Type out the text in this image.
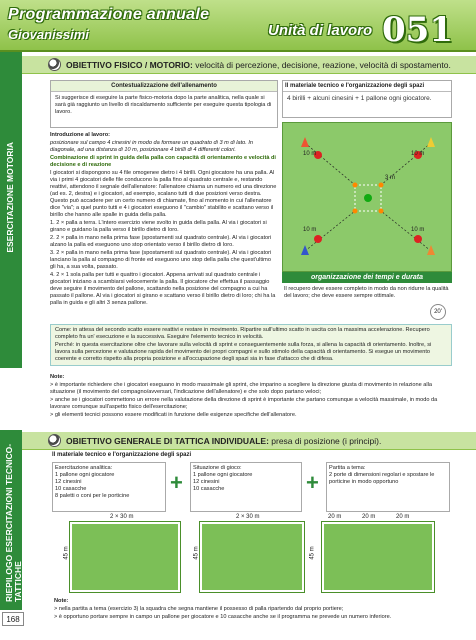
Programmazione annuale
Giovanissimi	Unità di lavoro 051
ESERCITAZIONE MOTORIA
OBIETTIVO FISICO / MOTORIO: velocità di percezione, decisione, reazione, velocità di spostamento.
Contestualizzazione dell'allenamento
Si suggerisce di eseguire la parte fisico-motoria dopo la parte analitica, nella quale si sarà già raggiunto un livello di riscaldamento sufficiente per eseguire questa tipologia di lavoro.
Il materiale tecnico e l'organizzazione degli spazi
4 birilli + alcuni cinesini + 1 pallone ogni giocatore.

Introduzione al lavoro:

posizionare sul campo 4 cinesini in modo da formare un quadrato di 3 m di lato. In diagonale, ad una distanza di 10 m, posizionare 4 birilli di 4 differenti colori.

Combinazione di sprint in guida della palla con capacità di orientamento e velocità di decisione e di reazione

I giocatori si dispongono su 4 file omogenee dietro i 4 birilli. Ogni giocatore ha una palla. Al via i primi 4 giocatori delle file conducono la palla fino al quadrato centrale e, restando reattivi, attendono il segnale dell'allenatore: l'allenatore chiama un numero ed una direzione (ad es. 2, destra) e i giocatori, ad esempio, scalano tutti di due posizioni verso destra. Questo può accadere per un certo numero di chiamate, fino al momento in cui l'allenatore dice "via"; a quel punto tutti e 4 i giocatori eseguono il "cambio" stabilito e scattano verso il birillo che hanno alle spalle in guida della palla.

1. 2 × palla a terra. L'intero esercizio viene svolto in guida della palla. Al via i giocatori si girano e guidano la palla verso il birillo dietro di loro.

2. 2 × palla in mano nella prima fase (spostamenti sul quadrato centrale). Al via i giocatori alzano la palla ed eseguono uno stop orientato verso il birillo dietro di loro.

3. 2 × palla in mano nella prima fase (spostamenti sul quadrato centrale). Al via i giocatori lanciano la palla al compagno di fronte ed eseguono uno stop della palla che quest'ultimo gli ha, a sua volta, passato.

4. 2 × 1 sola palla per tutti e quattro i giocatori. Appena arrivati sul quadrato centrale i giocatori iniziano a scambiarsi velocemente la palla. Il giocatore che effettua il passaggio deve seguire il movimento del pallone, scattando nella posizione del compagno a cui ha passato il pallone. Al via i giocatori si girano e scattano verso il birillo dietro di loro; chi ha la palla in guida e gli altri 3 senza pallone.

10 m	10 m
3 m
10 m	10 m
organizzazione dei tempi e durata
Il recupero deve essere completo in modo da non ridurre la qualità del lavoro; che deve essere sempre ottimale.
20'

Come: in attesa del secondo scatto essere reattivi e restare in movimento. Ripartire sull'ultimo scatto in uscita con la massima accelerazione. Recupero completo fra un' esecuzione e la successiva. Eseguire l'elemento tecnico in velocità.

Perché: in questa esercitazione oltre che lavorare sulla velocità di sprint e conseguentemente sulla forza, si allena la capacità di orientamento. Inoltre, si lavora sulla percezione e valutazione rapida del movimento dei propri compagni e sullo stimolo della capacità di orientamento. Si esegue un movimento coerente e corretto rispetto alla propria posizione e all'occupazione degli spazi sia in fase d'attacco che di difesa.

Note:

> è importante richiedere che i giocatori eseguano in modo massimale gli sprint, che imparino a scegliere la direzione giusta di movimento in relazione alla situazione (il movimento del compagno/avversari, l'indicazione dell'allenatore) e che solo dopo partano veloci;

> anche se i giocatori commettono un errore nella valutazione della direzione di sprint è importante che partano comunque a velocità massimale, in modo da lavorare comunque sull'aspetto fisico dell'esercitazione;

> gli elementi tecnici possono essere modificati in funzione delle esigenze specifiche dell'allenatore.

RIEPILOGO ESERCITAZIONI TECNICO-TATTICHE
OBIETTIVO GENERALE DI TATTICA INDIVIDUALE: presa di posizione (i principi).
Il materiale tecnico e l'organizzazione degli spazi
Esercitazione analitica:
1 pallone ogni giocatore
12 cinesini
10 casacche
8 paletti o coni per le porticine
+
Situazione di gioco:
1 pallone ogni giocatore
12 cinesini
10 casacche	+
Partita a tema:
2 porte di dimensioni regolari e spostare le porticine in modo opportuno
2 × 30 m
45 m
2 × 30 m
45 m
20 m	20 m	20 m
45 m

Note:

> nella partita a tema (esercizio 3) la squadra che segna mantiene il possesso di palla ripartendo dal proprio portiere;

> è opportuno portare sempre in campo un pallone per giocatore e 10 casacche anche se il programma ne prevede un numero inferiore.

168
